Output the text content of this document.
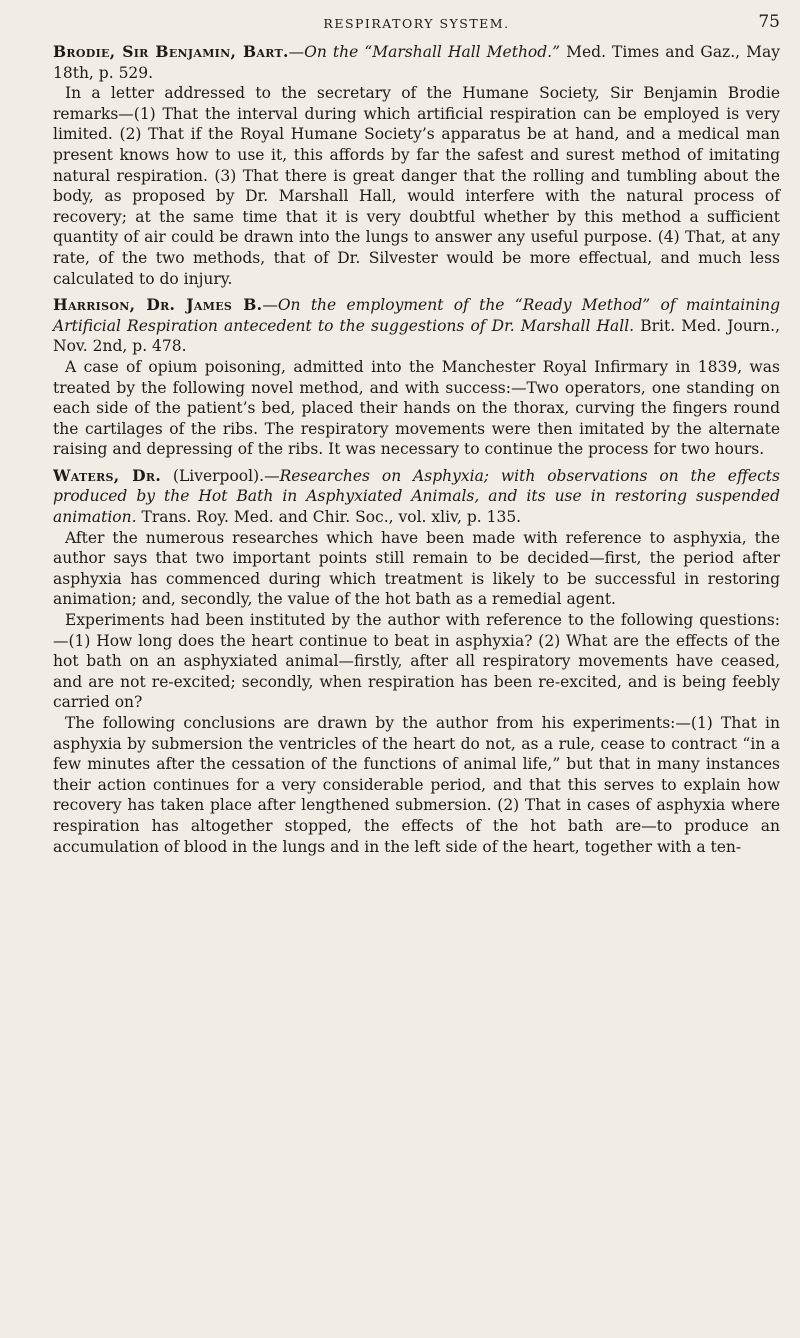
RESPIRATORY SYSTEM.	75

Brodie, Sir Benjamin, Bart.—On the “Marshall Hall Method.” Med. Times and Gaz., May 18th, p. 529.

In a letter addressed to the secretary of the Humane Society, Sir Benjamin Brodie remarks—(1) That the interval during which artificial respiration can be employed is very limited. (2) That if the Royal Humane Society’s apparatus be at hand, and a medical man present knows how to use it, this affords by far the safest and surest method of imitating natural respiration. (3) That there is great danger that the rolling and tumbling about the body, as proposed by Dr. Marshall Hall, would interfere with the natural process of recovery; at the same time that it is very doubtful whether by this method a sufficient quantity of air could be drawn into the lungs to answer any useful purpose. (4) That, at any rate, of the two methods, that of Dr. Silvester would be more effectual, and much less calculated to do injury.

Harrison, Dr. James B.—On the employment of the “Ready Method” of maintaining Artificial Respiration antecedent to the suggestions of Dr. Marshall Hall. Brit. Med. Journ., Nov. 2nd, p. 478.

A case of opium poisoning, admitted into the Manchester Royal Infirmary in 1839, was treated by the following novel method, and with success:—Two operators, one standing on each side of the patient’s bed, placed their hands on the thorax, curving the fingers round the cartilages of the ribs. The respiratory movements were then imitated by the alternate raising and depressing of the ribs. It was necessary to continue the process for two hours.

Waters, Dr. (Liverpool).—Researches on Asphyxia; with observations on the effects produced by the Hot Bath in Asphyxiated Animals, and its use in restoring suspended animation. Trans. Roy. Med. and Chir. Soc., vol. xliv, p. 135.

After the numerous researches which have been made with reference to asphyxia, the author says that two important points still remain to be decided—first, the period after asphyxia has commenced during which treatment is likely to be successful in restoring animation; and, secondly, the value of the hot bath as a remedial agent.

Experiments had been instituted by the author with reference to the following questions:—(1) How long does the heart continue to beat in asphyxia? (2) What are the effects of the hot bath on an asphyxiated animal—firstly, after all respiratory movements have ceased, and are not re-excited; secondly, when respiration has been re-excited, and is being feebly carried on?

The following conclusions are drawn by the author from his experiments:—(1) That in asphyxia by submersion the ventricles of the heart do not, as a rule, cease to contract “in a few minutes after the cessation of the functions of animal life,” but that in many instances their action continues for a very considerable period, and that this serves to explain how recovery has taken place after lengthened submersion. (2) That in cases of asphyxia where respiration has altogether stopped, the effects of the hot bath are—to produce an accumulation of blood in the lungs and in the left side of the heart, together with a ten-
